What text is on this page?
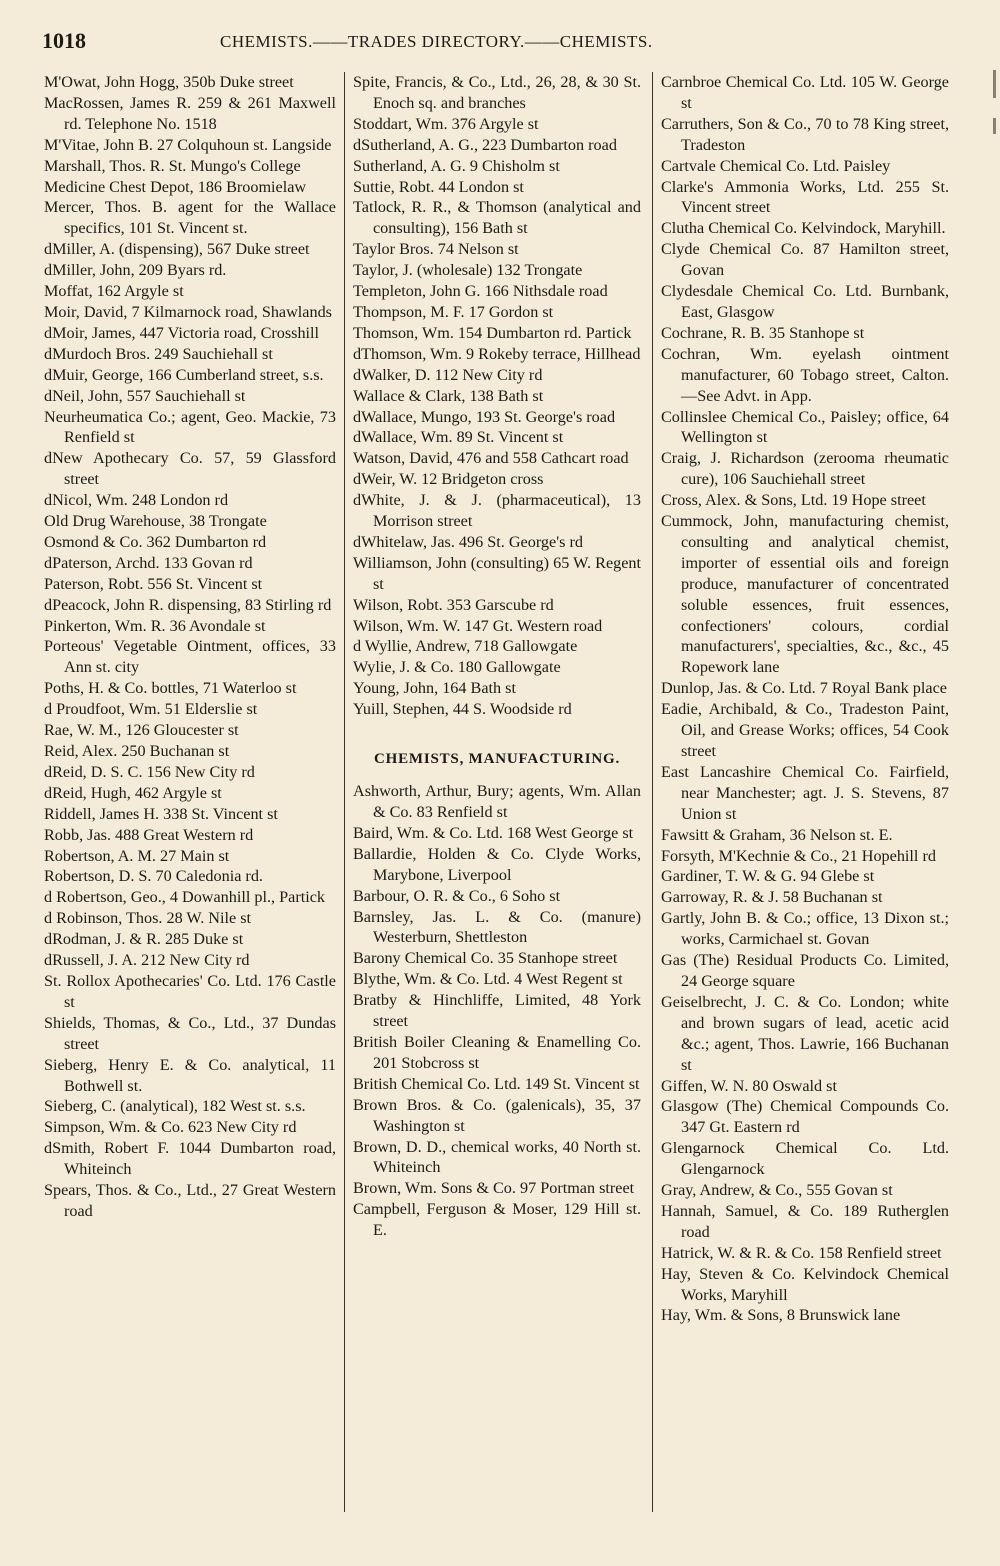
1018	CHEMISTS.——TRADES DIRECTORY.——CHEMISTS.

M'Owat, John Hogg, 350b Duke street

MacRossen, James R. 259 & 261 Maxwell rd. Telephone No. 1518

M'Vitae, John B. 27 Colquhoun st. Langside

Marshall, Thos. R. St. Mungo's College

Medicine Chest Depot, 186 Broomielaw

Mercer, Thos. B. agent for the Wallace specifics, 101 St. Vincent st.

dMiller, A. (dispensing), 567 Duke street

dMiller, John, 209 Byars rd.

Moffat, 162 Argyle st

Moir, David, 7 Kilmarnock road, Shawlands

dMoir, James, 447 Victoria road, Crosshill

dMurdoch Bros. 249 Sauchiehall st

dMuir, George, 166 Cumberland street, s.s.

dNeil, John, 557 Sauchiehall st

Neurheumatica Co.; agent, Geo. Mackie, 73 Renfield st

dNew Apothecary Co. 57, 59 Glassford street

dNicol, Wm. 248 London rd

Old Drug Warehouse, 38 Trongate

Osmond & Co. 362 Dumbarton rd

dPaterson, Archd. 133 Govan rd

Paterson, Robt. 556 St. Vincent st

dPeacock, John R. dispensing, 83 Stirling rd

Pinkerton, Wm. R. 36 Avondale st

Porteous' Vegetable Ointment, offices, 33 Ann st. city

Poths, H. & Co. bottles, 71 Waterloo st

d Proudfoot, Wm. 51 Elderslie st

Rae, W. M., 126 Gloucester st

Reid, Alex. 250 Buchanan st

dReid, D. S. C. 156 New City rd

dReid, Hugh, 462 Argyle st

Riddell, James H. 338 St. Vincent st

Robb, Jas. 488 Great Western rd

Robertson, A. M. 27 Main st

Robertson, D. S. 70 Caledonia rd.

d Robertson, Geo., 4 Dowanhill pl., Partick

d Robinson, Thos. 28 W. Nile st

dRodman, J. & R. 285 Duke st

dRussell, J. A. 212 New City rd

St. Rollox Apothecaries' Co. Ltd. 176 Castle st

Shields, Thomas, & Co., Ltd., 37 Dundas street

Sieberg, Henry E. & Co. analytical, 11 Bothwell st.

Sieberg, C. (analytical), 182 West st. s.s.

Simpson, Wm. & Co. 623 New City rd

dSmith, Robert F. 1044 Dumbarton road, Whiteinch

Spears, Thos. & Co., Ltd., 27 Great Western road

Spite, Francis, & Co., Ltd., 26, 28, & 30 St. Enoch sq. and branches

Stoddart, Wm. 376 Argyle st

dSutherland, A. G., 223 Dumbarton road

Sutherland, A. G. 9 Chisholm st

Suttie, Robt. 44 London st

Tatlock, R. R., & Thomson (analytical and consulting), 156 Bath st

Taylor Bros. 74 Nelson st

Taylor, J. (wholesale) 132 Trongate

Templeton, John G. 166 Nithsdale road

Thompson, M. F. 17 Gordon st

Thomson, Wm. 154 Dumbarton rd. Partick

dThomson, Wm. 9 Rokeby terrace, Hillhead

dWalker, D. 112 New City rd

Wallace & Clark, 138 Bath st

dWallace, Mungo, 193 St. George's road

dWallace, Wm. 89 St. Vincent st

Watson, David, 476 and 558 Cathcart road

dWeir, W. 12 Bridgeton cross

dWhite, J. & J. (pharmaceutical), 13 Morrison street

dWhitelaw, Jas. 496 St. George's rd

Williamson, John (consulting) 65 W. Regent st

Wilson, Robt. 353 Garscube rd

Wilson, Wm. W. 147 Gt. Western road

d Wyllie, Andrew, 718 Gallowgate

Wylie, J. & Co. 180 Gallowgate

Young, John, 164 Bath st

Yuill, Stephen, 44 S. Woodside rd

CHEMISTS, MANUFACTURING.

Ashworth, Arthur, Bury; agents, Wm. Allan & Co. 83 Renfield st

Baird, Wm. & Co. Ltd. 168 West George st

Ballardie, Holden & Co. Clyde Works, Marybone, Liverpool

Barbour, O. R. & Co., 6 Soho st

Barnsley, Jas. L. & Co. (manure) Westerburn, Shettleston

Barony Chemical Co. 35 Stanhope street

Blythe, Wm. & Co. Ltd. 4 West Regent st

Bratby & Hinchliffe, Limited, 48 York street

British Boiler Cleaning & Enamelling Co. 201 Stobcross st

British Chemical Co. Ltd. 149 St. Vincent st

Brown Bros. & Co. (galenicals), 35, 37 Washington st

Brown, D. D., chemical works, 40 North st. Whiteinch

Brown, Wm. Sons & Co. 97 Portman street

Campbell, Ferguson & Moser, 129 Hill st. E.

Carnbroe Chemical Co. Ltd. 105 W. George st

Carruthers, Son & Co., 70 to 78 King street, Tradeston

Cartvale Chemical Co. Ltd. Paisley

Clarke's Ammonia Works, Ltd. 255 St. Vincent street

Clutha Chemical Co. Kelvindock, Maryhill.

Clyde Chemical Co. 87 Hamilton street, Govan

Clydesdale Chemical Co. Ltd. Burnbank, East, Glasgow

Cochrane, R. B. 35 Stanhope st

Cochran, Wm. eyelash ointment manufacturer, 60 Tobago street, Calton.—See Advt. in App.

Collinslee Chemical Co., Paisley; office, 64 Wellington st

Craig, J. Richardson (zerooma rheumatic cure), 106 Sauchiehall street

Cross, Alex. & Sons, Ltd. 19 Hope street

Cummock, John, manufacturing chemist, consulting and analytical chemist, importer of essential oils and foreign produce, manufacturer of concentrated soluble essences, fruit essences, confectioners' colours, cordial manufacturers', specialties, &c., &c., 45 Ropework lane

Dunlop, Jas. & Co. Ltd. 7 Royal Bank place

Eadie, Archibald, & Co., Tradeston Paint, Oil, and Grease Works; offices, 54 Cook street

East Lancashire Chemical Co. Fairfield, near Manchester; agt. J. S. Stevens, 87 Union st

Fawsitt & Graham, 36 Nelson st. E.

Forsyth, M'Kechnie & Co., 21 Hopehill rd

Gardiner, T. W. & G. 94 Glebe st

Garroway, R. & J. 58 Buchanan st

Gartly, John B. & Co.; office, 13 Dixon st.; works, Carmichael st. Govan

Gas (The) Residual Products Co. Limited, 24 George square

Geiselbrecht, J. C. & Co. London; white and brown sugars of lead, acetic acid &c.; agent, Thos. Lawrie, 166 Buchanan st

Giffen, W. N. 80 Oswald st

Glasgow (The) Chemical Compounds Co. 347 Gt. Eastern rd

Glengarnock Chemical Co. Ltd. Glengarnock

Gray, Andrew, & Co., 555 Govan st

Hannah, Samuel, & Co. 189 Rutherglen road

Hatrick, W. & R. & Co. 158 Renfield street

Hay, Steven & Co. Kelvindock Chemical Works, Maryhill

Hay, Wm. & Sons, 8 Brunswick lane
